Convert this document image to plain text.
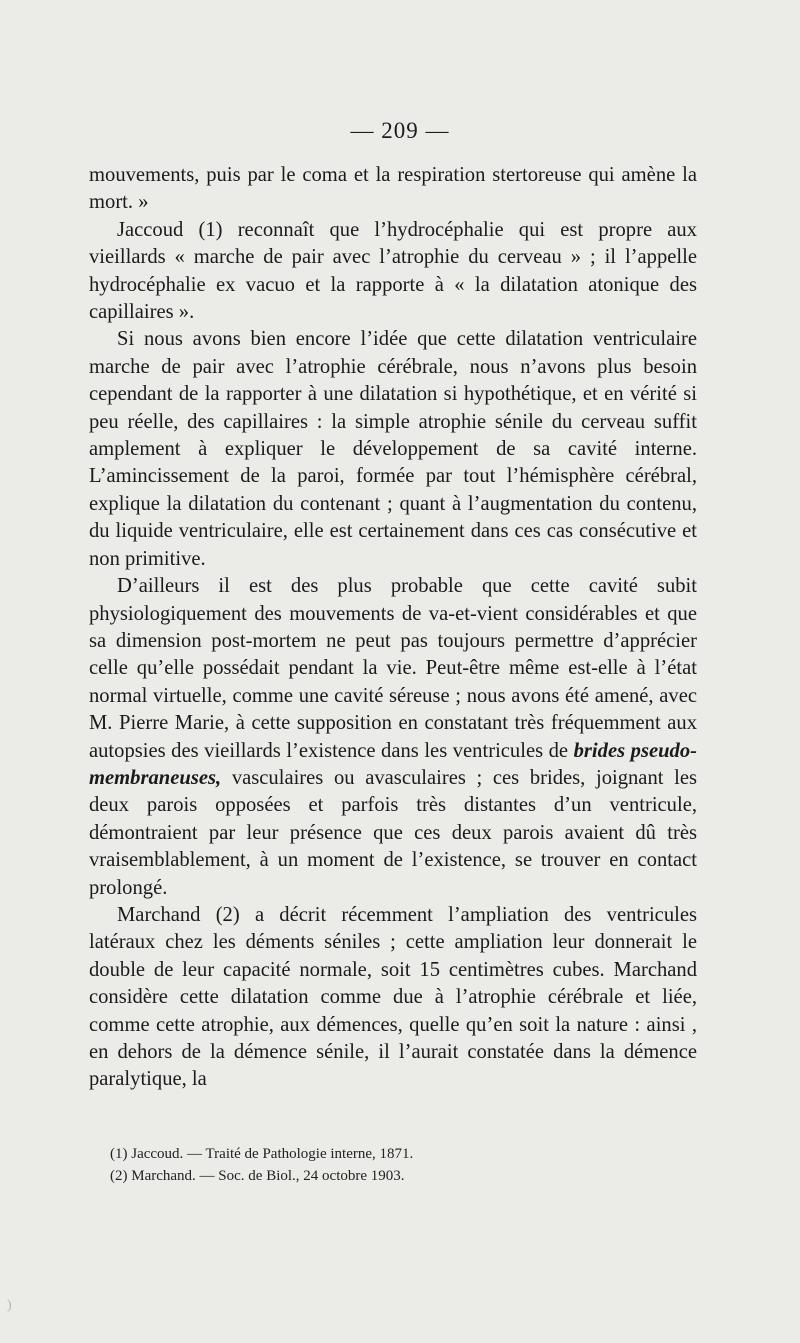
— 209 —

mouvements, puis par le coma et la respiration stertoreuse qui amène la mort. »

Jaccoud (1) reconnaît que l’hydrocéphalie qui est propre aux vieillards « marche de pair avec l’atrophie du cerveau » ; il l’appelle hydrocéphalie ex vacuo et la rapporte à « la dilatation atonique des capillaires ».

Si nous avons bien encore l’idée que cette dilatation ventriculaire marche de pair avec l’atrophie cérébrale, nous n’avons plus besoin cependant de la rapporter à une dilatation si hypothétique, et en vérité si peu réelle, des capillaires : la simple atrophie sénile du cerveau suffit amplement à expliquer le développement de sa cavité interne. L’amincissement de la paroi, formée par tout l’hémisphère cérébral, explique la dilatation du contenant ; quant à l’augmentation du contenu, du liquide ventriculaire, elle est certainement dans ces cas consécutive et non primitive.

D’ailleurs il est des plus probable que cette cavité subit physiologiquement des mouvements de va-et-vient considérables et que sa dimension post-mortem ne peut pas toujours permettre d’apprécier celle qu’elle possédait pendant la vie. Peut-être même est-elle à l’état normal virtuelle, comme une cavité séreuse ; nous avons été amené, avec M. Pierre Marie, à cette supposition en constatant très fréquemment aux autopsies des vieillards l’existence dans les ventricules de brides pseudo-membraneuses, vasculaires ou avasculaires ; ces brides, joignant les deux parois opposées et parfois très distantes d’un ventricule, démontraient par leur présence que ces deux parois avaient dû très vraisemblablement, à un moment de l’existence, se trouver en contact prolongé.

Marchand (2) a décrit récemment l’ampliation des ventricules latéraux chez les déments séniles ; cette ampliation leur donnerait le double de leur capacité normale, soit 15 centimètres cubes. Marchand considère cette dilatation comme due à l’atrophie cérébrale et liée, comme cette atrophie, aux démences, quelle qu’en soit la nature : ainsi , en dehors de la démence sénile, il l’aurait constatée dans la démence paralytique, la

(1) Jaccoud. — Traité de Pathologie interne, 1871.
(2) Marchand. — Soc. de Biol., 24 octobre 1903.
)
